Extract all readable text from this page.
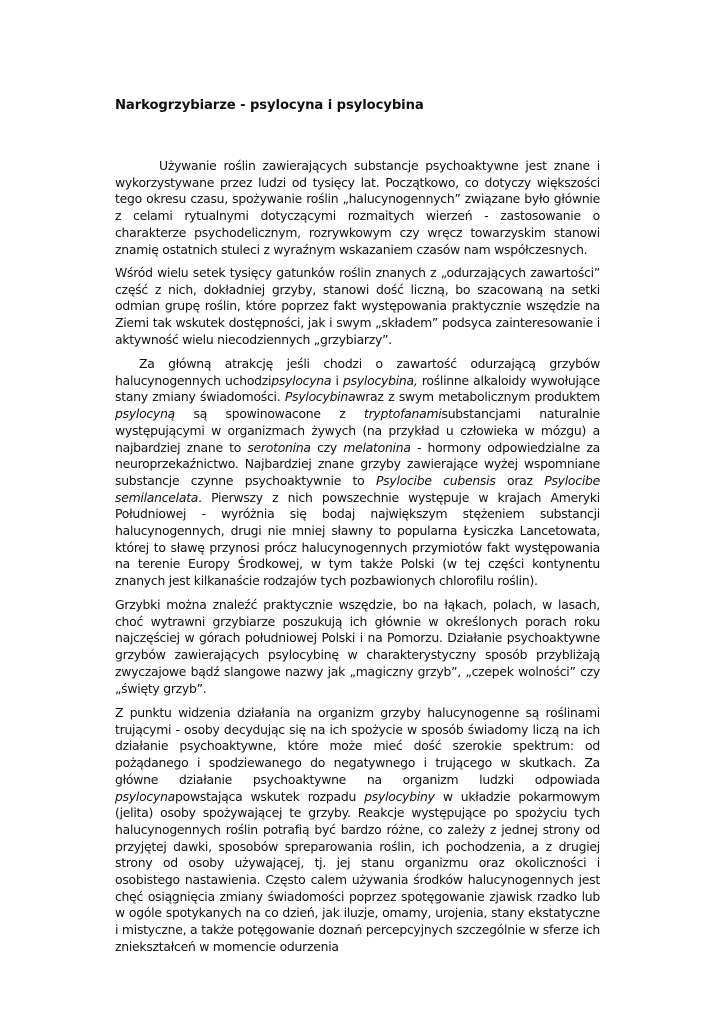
Narkogrzybiarze - psylocyna i psylocybina

Używanie roślin zawierających substancje psychoaktywne jest znane i wykorzystywane przez ludzi od tysięcy lat. Początkowo, co dotyczy większości tego okresu czasu, spożywanie roślin „halucynogennych” związane było głównie z celami rytualnymi dotyczącymi rozmaitych wierzeń - zastosowanie o charakterze psychodelicznym, rozrywkowym czy wręcz towarzyskim stanowi znamię ostatnich stuleci z wyraźnym wskazaniem czasów nam współczesnych.

Wśród wielu setek tysięcy gatunków roślin znanych z „odurzających zawartości” część z nich, dokładniej grzyby, stanowi dość liczną, bo szacowaną na setki odmian grupę roślin, które poprzez fakt występowania praktycznie wszędzie na Ziemi tak wskutek dostępności, jak i swym „składem” podsyca zainteresowanie i aktywność wielu niecodziennych „grzybiarzy”.

Za główną atrakcję jeśli chodzi o zawartość odurzającą grzybów halucynogennych uchodzipsylocyna i psylocybina, roślinne alkaloidy wywołujące stany zmiany świadomości. Psylocybinawraz z swym metabolicznym produktem psylocyną są spowinowacone z tryptofanamisubstancjami naturalnie występującymi w organizmach żywych (na przykład u człowieka w mózgu) a najbardziej znane to serotonina czy melatonina - hormony odpowiedzialne za neuroprzekaźnictwo. Najbardziej znane grzyby zawierające wyżej wspomniane substancje czynne psychoaktywnie to Psylocibe cubensis oraz Psylocibe semilancelata. Pierwszy z nich powszechnie występuje w krajach Ameryki Południowej - wyróżnia się bodaj największym stężeniem substancji halucynogennych, drugi nie mniej sławny to popularna Łysiczka Lancetowata, której to sławę przynosi prócz halucynogennych przymiotów fakt występowania na terenie Europy Środkowej, w tym także Polski (w tej części kontynentu znanych jest kilkanaście rodzajów tych pozbawionych chlorofilu roślin).

Grzybki można znaleźć praktycznie wszędzie, bo na łąkach, polach, w lasach, choć wytrawni grzybiarze poszukują ich głównie w określonych porach roku najczęściej w górach południowej Polski i na Pomorzu. Działanie psychoaktywne grzybów zawierających psylocybinę w charakterystyczny sposób przybliżają zwyczajowe bądź slangowe nazwy jak „magiczny grzyb”, „czepek wolności” czy „święty grzyb”.

Z punktu widzenia działania na organizm grzyby halucynogenne są roślinami trującymi - osoby decydując się na ich spożycie w sposób świadomy liczą na ich działanie psychoaktywne, które może mieć dość szerokie spektrum: od pożądanego i spodziewanego do negatywnego i trującego w skutkach. Za główne działanie psychoaktywne na organizm ludzki odpowiada psylocynapowstająca wskutek rozpadu psylocybiny w układzie pokarmowym (jelita) osoby spożywającej te grzyby. Reakcje występujące po spożyciu tych halucynogennych roślin potrafią być bardzo różne, co zależy z jednej strony od przyjętej dawki, sposobów spreparowania roślin, ich pochodzenia, a z drugiej strony od osoby używającej, tj. jej stanu organizmu oraz okoliczności i osobistego nastawienia. Często calem używania środków halucynogennych jest chęć osiągnięcia zmiany świadomości poprzez spotęgowanie zjawisk rzadko lub w ogóle spotykanych na co dzień, jak iluzje, omamy, urojenia, stany ekstatyczne i mistyczne, a także potęgowanie doznań percepcyjnych szczególnie w sferze ich zniekształceń w momencie odurzenia
